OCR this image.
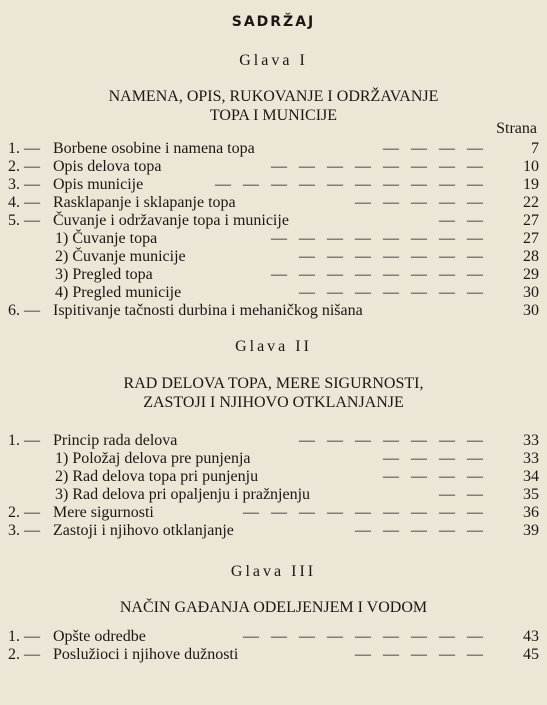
SADRŽAJ
Glava I
NAMENA, OPIS, RUKOVANJE I ODRŽAVANJE
TOPA I MUNICIJE
Strana
1. — Borbene osobine i namena topa	— — — —	7
2. — Opis delova topa	— — — — — — — —	10
3. — Opis municije	— — — — — — — — — —	19
4. — Rasklapanje i sklapanje topa	— — — — —	22
5. — Čuvanje i održavanje topa i municije	— —	27
1) Čuvanje topa	— — — — — — — —	27
2) Čuvanje municije	— — — — — — —	28
3) Pregled topa	— — — — — — — —	29
4) Pregled municije	— — — — — — —	30
6. — Ispitivanje tačnosti durbina i mehaničkog nišana	30
Glava II
RAD DELOVA TOPA, MERE SIGURNOSTI,
ZASTOJI I NJIHOVO OTKLANJANJE
1. — Princip rada delova	— — — — — — —	33
1) Položaj delova pre punjenja	— — — —	33
2) Rad delova topa pri punjenju	— — — —	34
3) Rad delova pri opaljenju i pražnjenju	— —	35
2. — Mere sigurnosti	— — — — — — — — —	36
3. — Zastoji i njihovo otklanjanje	— — — — —	39
Glava III
NAČIN GAĐANJA ODELJENJEM I VODOM
1. — Opšte odredbe	— — — — — — — — —	43
2. — Poslužioci i njihove dužnosti	— — — — —	45
